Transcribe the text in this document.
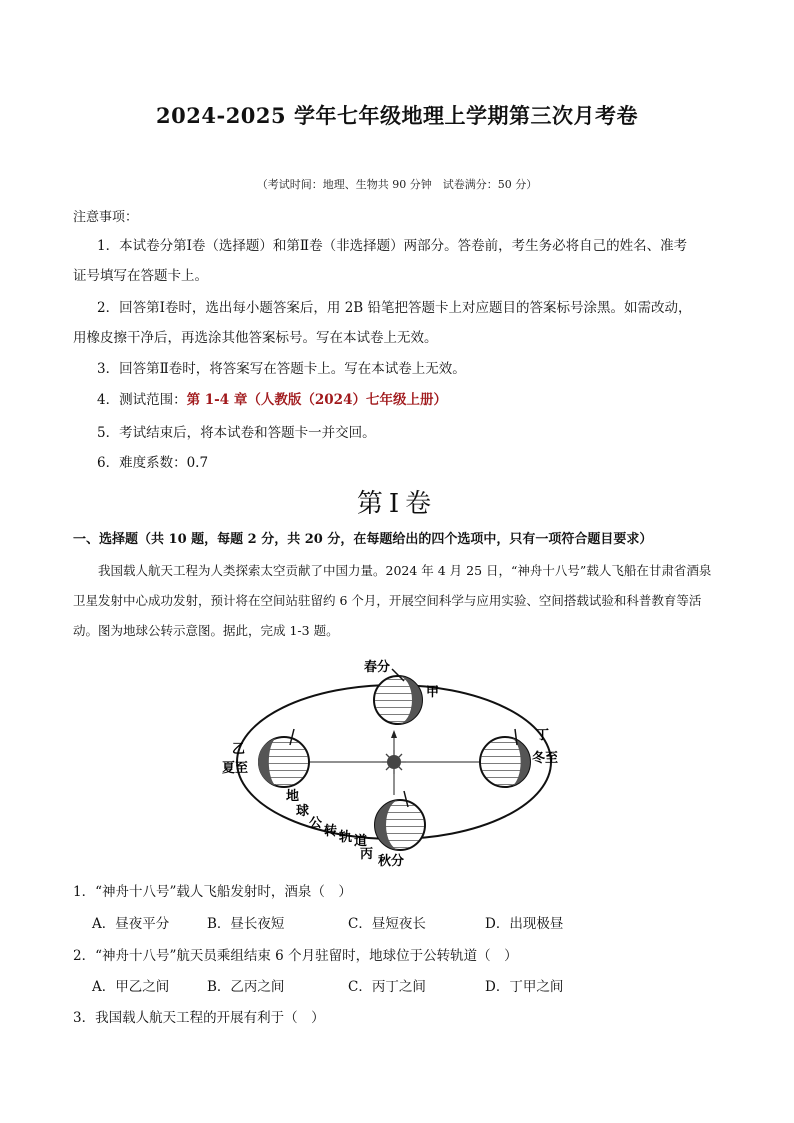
2024-2025 学年七年级地理上学期第三次月考卷
（考试时间：地理、生物共 90 分钟　试卷满分：50 分）
注意事项：
1．本试卷分第Ⅰ卷（选择题）和第Ⅱ卷（非选择题）两部分。答卷前，考生务必将自己的姓名、准考
证号填写在答题卡上。
2．回答第Ⅰ卷时，选出每小题答案后，用 2B 铅笔把答题卡上对应题目的答案标号涂黑。如需改动，
用橡皮擦干净后，再选涂其他答案标号。写在本试卷上无效。
3．回答第Ⅱ卷时，将答案写在答题卡上。写在本试卷上无效。
4．测试范围：第 1-4 章（人教版（2024）七年级上册）
5．考试结束后，将本试卷和答题卡一并交回。
6．难度系数：0.7
第Ⅰ卷
一、选择题（共 10 题，每题 2 分，共 20 分，在每题给出的四个选项中，只有一项符合题目要求）
我国载人航天工程为人类探索太空贡献了中国力量。2024 年 4 月 25 日，“神舟十八号”载人飞船在甘肃省酒泉卫星发射中心成功发射，预计将在空间站驻留约 6 个月，开展空间科学与应用实验、空间搭载试验和科普教育等活动。图为地球公转示意图。据此，完成 1-3 题。
春分
甲
乙
夏至
丁
冬至
丙 秋分
地
球
公
转 轨 道
1．“神舟十八号”载人飞船发射时，酒泉（　）
A．昼夜平分	B．昼长夜短	C．昼短夜长	D．出现极昼
2．“神舟十八号”航天员乘组结束 6 个月驻留时，地球位于公转轨道（　）
A．甲乙之间	B．乙丙之间	C．丙丁之间	D．丁甲之间
3．我国载人航天工程的开展有利于（　）
